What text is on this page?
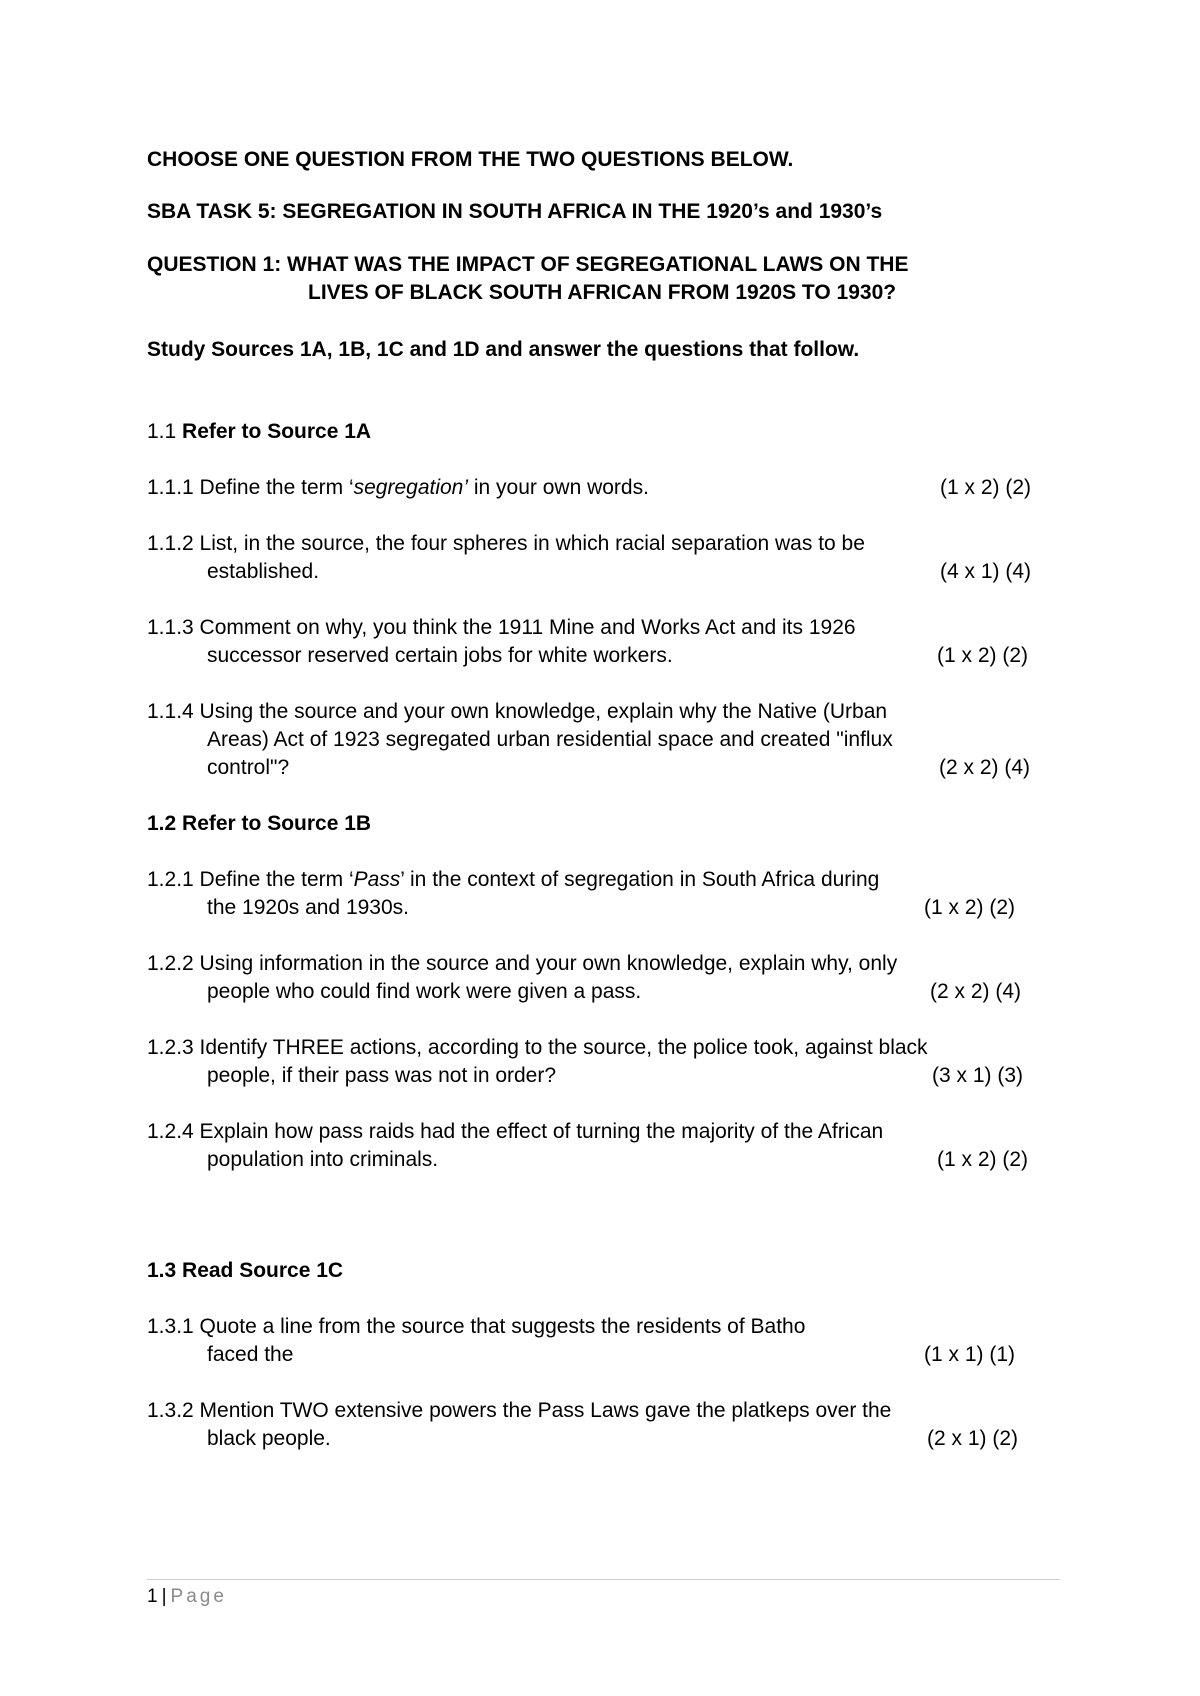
CHOOSE ONE QUESTION FROM THE TWO QUESTIONS BELOW.
SBA TASK 5: SEGREGATION IN SOUTH AFRICA IN THE 1920’s and 1930’s
QUESTION 1: WHAT WAS THE IMPACT OF SEGREGATIONAL LAWS ON THE
LIVES OF BLACK SOUTH AFRICAN FROM 1920S TO 1930?
Study Sources 1A, 1B, 1C and 1D and answer the questions that follow.
1.1 Refer to Source 1A
1.1.1 Define the term ‘segregation’ in your own words.	(1 x 2) (2)
1.1.2 List, in the source, the four spheres in which racial separation was to be
established.	(4 x 1) (4)
1.1.3 Comment on why, you think the 1911 Mine and Works Act and its 1926
successor reserved certain jobs for white workers.	(1 x 2) (2)
1.1.4 Using the source and your own knowledge, explain why the Native (Urban
Areas) Act of 1923 segregated urban residential space and created "influx
control"?	(2 x 2) (4)
1.2 Refer to Source 1B
1.2.1 Define the term ‘Pass’ in the context of segregation in South Africa during
the 1920s and 1930s.	(1 x 2) (2)
1.2.2 Using information in the source and your own knowledge, explain why, only
people who could find work were given a pass.	(2 x 2) (4)
1.2.3 Identify THREE actions, according to the source, the police took, against black
people, if their pass was not in order?	(3 x 1) (3)
1.2.4 Explain how pass raids had the effect of turning the majority of the African
population into criminals.	(1 x 2) (2)
1.3 Read Source 1C
1.3.1 Quote a line from the source that suggests the residents of Batho
faced the	(1 x 1) (1)
1.3.2 Mention TWO extensive powers the Pass Laws gave the platkeps over the
black people.	(2 x 1) (2)
1 | Page
